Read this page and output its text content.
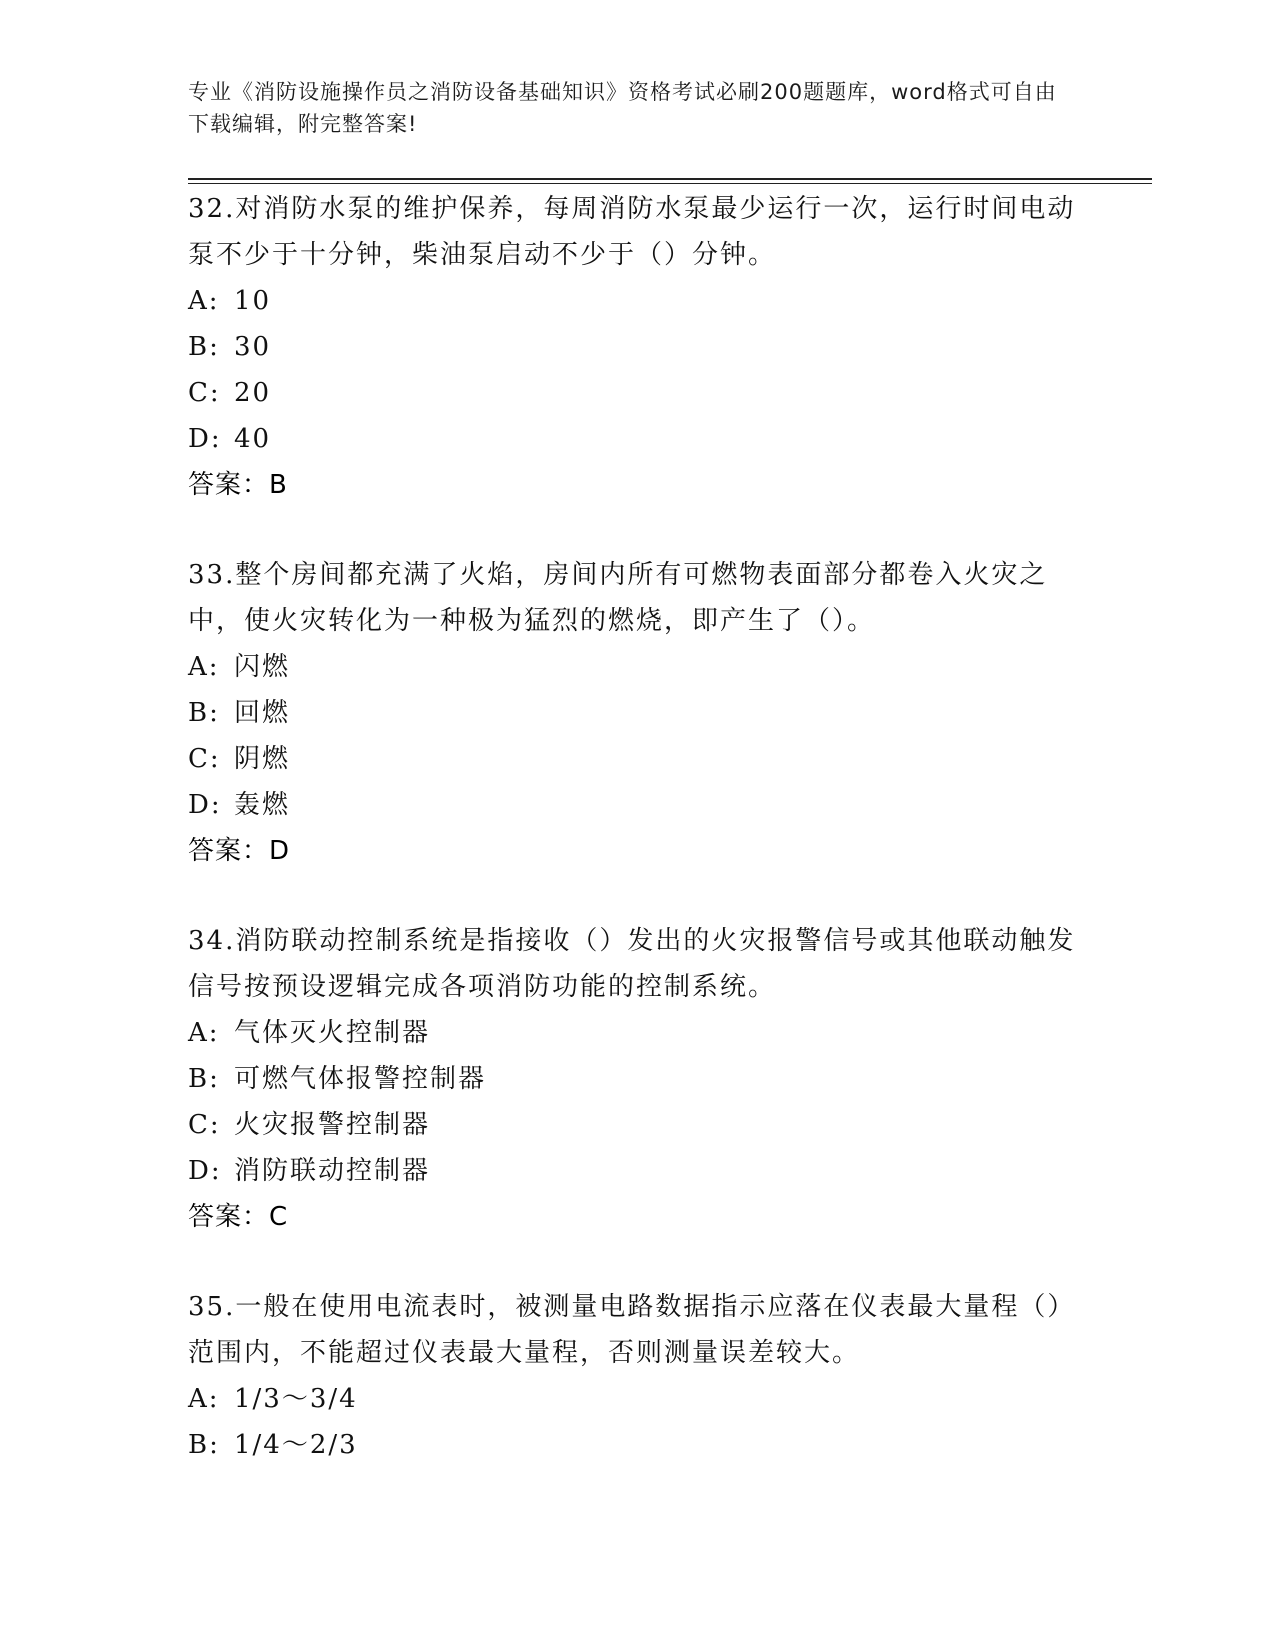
专业《消防设施操作员之消防设备基础知识》资格考试必刷200题题库，word格式可自由下载编辑，附完整答案!

32.对消防水泵的维护保养，每周消防水泵最少运行一次，运行时间电动泵不少于十分钟，柴油泵启动不少于（）分钟。

A: 10

B: 30

C: 20

D: 40

答案：B

33.整个房间都充满了火焰，房间内所有可燃物表面部分都卷入火灾之中，使火灾转化为一种极为猛烈的燃烧，即产生了（）。

A: 闪燃

B: 回燃

C: 阴燃

D: 轰燃

答案：D

34.消防联动控制系统是指接收（）发出的火灾报警信号或其他联动触发信号按预设逻辑完成各项消防功能的控制系统。

A: 气体灭火控制器

B: 可燃气体报警控制器

C: 火灾报警控制器

D: 消防联动控制器

答案：C

35.一般在使用电流表时，被测量电路数据指示应落在仪表最大量程（）范围内，不能超过仪表最大量程，否则测量误差较大。

A: 1/3～3/4

B: 1/4～2/3
